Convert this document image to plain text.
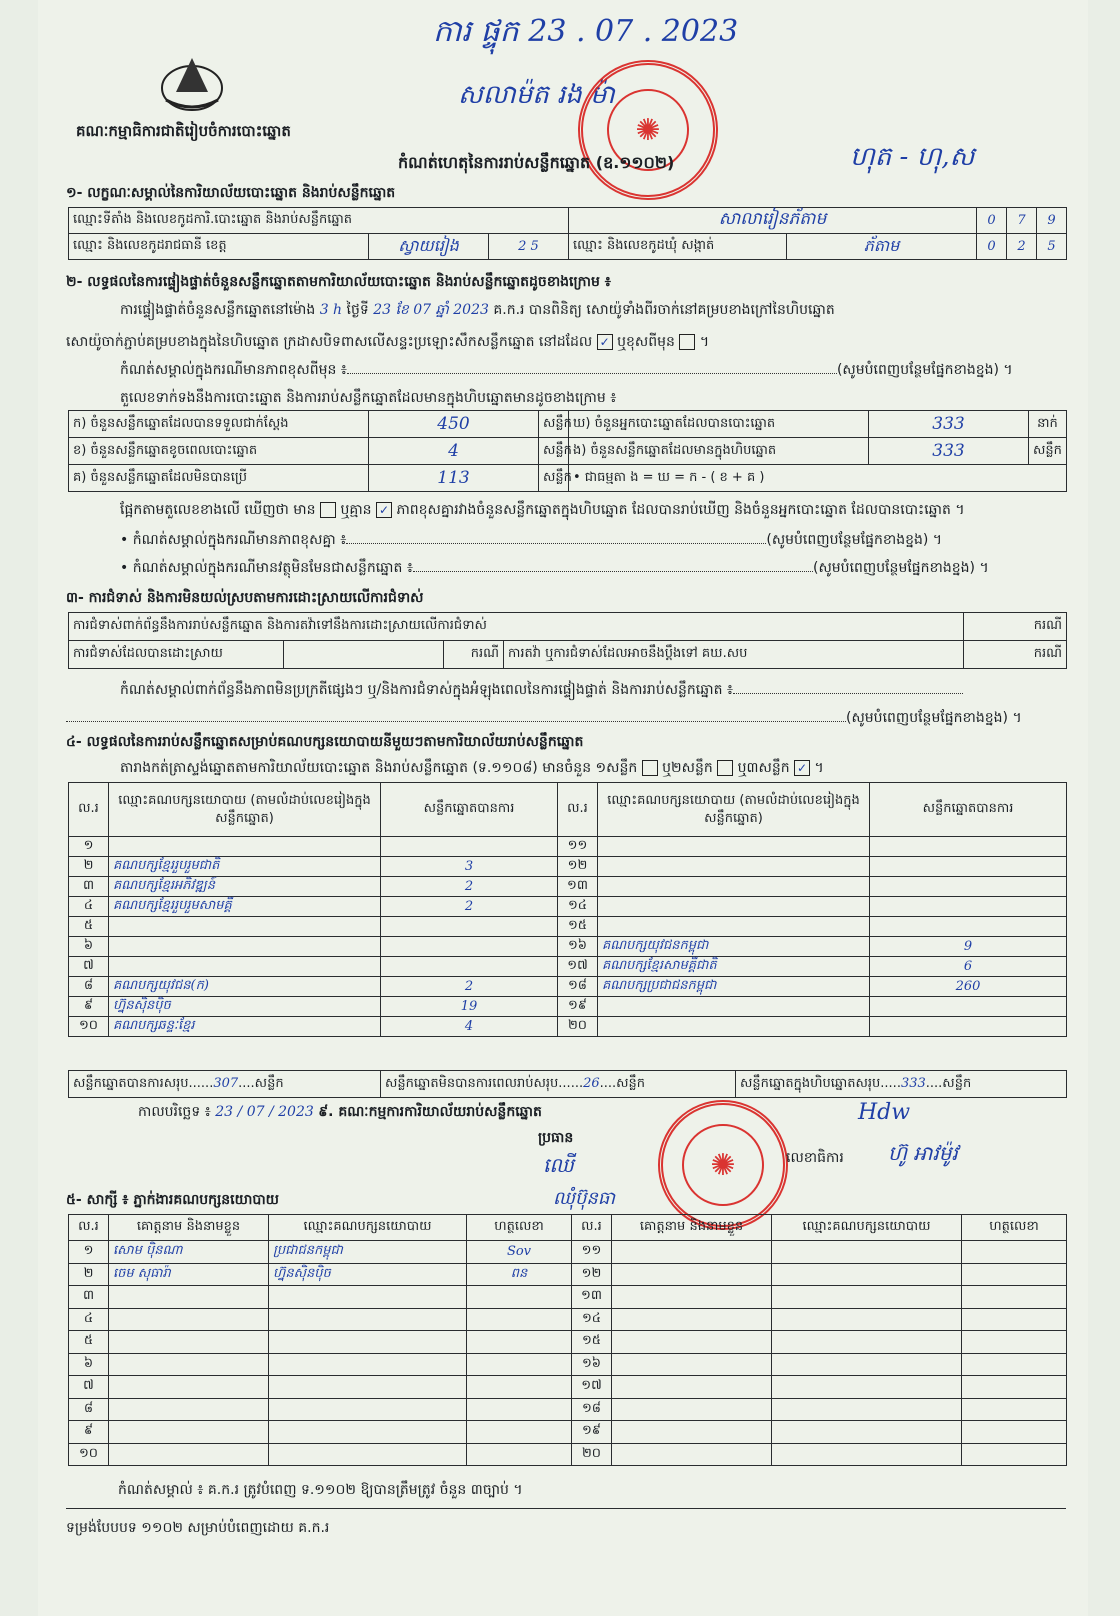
ការ ផ្ទុក 23 . 07 . 2023
សលាម៉ត រង ម៉ា
ហុត - ហុ,ស
គណៈកម្មាធិការជាតិរៀបចំការបោះឆ្នោត	✺
កំណត់ហេតុនៃការរាប់សន្លឹកឆ្នោត (ឧ.១១០២)
១- លក្ខណៈសម្គាល់នៃការិយាល័យបោះឆ្នោត និងរាប់សន្លឹកឆ្នោត
ឈ្មោះទីតាំង និងលេខកូដការិ.បោះឆ្នោត និងរាប់សន្លឹកឆ្នោត			សាលារៀនភ័តាម		0	7	9
ឈ្មោះ និងលេខកូដរាជធានី ខេត្ត	ស្វាយរៀង	2 5	ឈ្មោះ និងលេខកូដឃុំ សង្កាត់	ភ័តាម	0	2	5
២- លទ្ធផលនៃការផ្ទៀងផ្ទាត់ចំនួនសន្លឹកឆ្នោតតាមការិយាល័យបោះឆ្នោត និងរាប់សន្លឹកឆ្នោតដូចខាងក្រោម ៖
ការផ្ទៀងផ្ទាត់ចំនួនសន្លឹកឆ្នោតនៅម៉ោង 3 h ថ្ងៃទី 23 ខែ 07 ឆ្នាំ 2023 គ.ក.រ បានពិនិត្យ សោយ៉ូទាំងពីរចាក់នៅគម្របខាងក្រៅនៃហិបឆ្នោត
សោយ៉ូចាក់ភ្ជាប់គម្របខាងក្នុងនៃហិបឆ្នោត ក្រដាសបិទពាសលើសន្ទះប្រឡោះសឹកសន្លឹកឆ្នោត នៅដដែល ✓ ឬខុសពីមុន  ។
កំណត់សម្គាល់ក្នុងករណីមានភាពខុសពីមុន ៖	(សូមបំពេញបន្ថែមផ្នែកខាងខ្នង) ។
តួលេខទាក់ទងនឹងការបោះឆ្នោត និងការរាប់សន្លឹកឆ្នោតដែលមានក្នុងហិបឆ្នោតមានដូចខាងក្រោម ៖
ក) ចំនួនសន្លឹកឆ្នោតដែលបានទទួលជាក់ស្តែង	450	សន្លឹក	ឃ) ចំនួនអ្នកបោះឆ្នោតដែលបានបោះឆ្នោត	333	នាក់
ខ) ចំនួនសន្លឹកឆ្នោតខូចពេលបោះឆ្នោត	4	សន្លឹក	ង) ចំនួនសន្លឹកឆ្នោតដែលមានក្នុងហិបឆ្នោត	333	សន្លឹក
គ) ចំនួនសន្លឹកឆ្នោតដែលមិនបានប្រើ	113	សន្លឹក	• ជាធម្មតា ង = ឃ = ក - ( ខ + គ )		
ផ្អែកតាមតួលេខខាងលើ ឃើញថា មាន ឬគ្មាន ✓ ភាពខុសគ្នារវាងចំនួនសន្លឹកឆ្នោតក្នុងហិបឆ្នោត ដែលបានរាប់ឃើញ និងចំនួនអ្នកបោះឆ្នោត ដែលបានបោះឆ្នោត ។
• កំណត់សម្គាល់ក្នុងករណីមានភាពខុសគ្នា ៖	(សូមបំពេញបន្ថែមផ្នែកខាងខ្នង) ។
• កំណត់សម្គាល់ក្នុងករណីមានវត្ថុមិនមែនជាសន្លឹកឆ្នោត ៖	(សូមបំពេញបន្ថែមផ្នែកខាងខ្នង) ។
៣- ការជំទាស់ និងការមិនយល់ស្របតាមការដោះស្រាយលើការជំទាស់
ការជំទាស់ពាក់ព័ន្ធនឹងការរាប់សន្លឹកឆ្នោត និងការតវ៉ាទៅនឹងការដោះស្រាយលើការជំទាស់				ករណី
ការជំទាស់ដែលបានដោះស្រាយ		ករណី	ការតវ៉ា ឬការជំទាស់ដែលអាចនឹងប្ដឹងទៅ គឃ.សប	ករណី
កំណត់សម្គាល់ពាក់ព័ន្ធនឹងភាពមិនប្រក្រតីផ្សេងៗ ឬ/និងការជំទាស់ក្នុងអំឡុងពេលនៃការផ្ទៀងផ្ទាត់ និងការរាប់សន្លឹកឆ្នោត ៖
(សូមបំពេញបន្ថែមផ្នែកខាងខ្នង) ។
៤- លទ្ធផលនៃការរាប់សន្លឹកឆ្នោតសម្រាប់គណបក្សនយោបាយនីមួយៗតាមការិយាល័យរាប់សន្លឹកឆ្នោត
តារាងកត់ត្រាស្ទង់ឆ្នោតតាមការិយាល័យបោះឆ្នោត និងរាប់សន្លឹកឆ្នោត (ទ.១១០៨) មានចំនួន ១សន្លឹក ឬ២សន្លឹក ឬ៣សន្លឹក ✓ ។
ល.រ	ឈ្មោះគណបក្សនយោបាយ (តាមលំដាប់លេខរៀងក្នុងសន្លឹកឆ្នោត)	សន្លឹកឆ្នោតបានការ	ល.រ	ឈ្មោះគណបក្សនយោបាយ (តាមលំដាប់លេខរៀងក្នុងសន្លឹកឆ្នោត)	សន្លឹកឆ្នោតបានការ
១			១១		
២	គណបក្សខ្មែររួបរួមជាតិ	3	១២		
៣	គណបក្សខ្មែរអភិវឌ្ឍន៍	2	១៣		
៤	គណបក្សខ្មែររួបរួមសាមគ្គី	2	១៤		
៥			១៥		
៦			១៦	គណបក្សយុវជនកម្ពុជា	9
៧			១៧	គណបក្សខ្មែរសាមគ្គីជាតិ	6
៨	គណបក្សយុវជន(ក)	2	១៨	គណបក្សប្រជាជនកម្ពុជា	260
៩	ហ្វ៊ុនស៊ិនប៉ិច	19	១៩		
១០	គណបក្សឆន្ទៈខ្មែរ	4	២០		
សន្លឹកឆ្នោតបានការសរុប......307....សន្លឹក	សន្លឹកឆ្នោតមិនបានការពេលរាប់សរុប......26....សន្លឹក	សន្លឹកឆ្នោតក្នុងហិបឆ្នោតសរុប.....333....សន្លឹក
កាលបរិច្ឆេទ ៖ 23 / 07 / 2023 ៩. គណៈកម្មការការិយាល័យរាប់សន្លឹកឆ្នោត
ប្រធាន
ឈើ
ឈុំប៊ុនធា
✺	លេខាធិការ
Hdw
ហ៊ូ អាវម៉ូវ
៥- សាក្សី ៖ ភ្នាក់ងារគណបក្សនយោបាយ
ល.រ	គោត្តនាម និងនាមខ្លួន	ឈ្មោះគណបក្សនយោបាយ	ហត្ថលេខា	ល.រ	គោត្តនាម និងនាមខ្លួន	ឈ្មោះគណបក្សនយោបាយ	ហត្ថលេខា
១	សោម ប៉ិនណា	ប្រជាជនកម្ពុជា	Sov	១១			
២	ចេម សុធារ៉ា	ហ្វ៊ុនស៊ិនប៉ិច	ពន	១២			
៣				១៣			
៤				១៤			
៥				១៥			
៦				១៦			
៧				១៧			
៨				១៨			
៩				១៩			
១០				២០			
កំណត់សម្គាល់ ៖ គ.ក.រ ត្រូវបំពេញ ទ.១១០២ ឱ្យបានត្រឹមត្រូវ ចំនួន ៣ច្បាប់ ។
ទម្រង់បែបបទ ១១០២ សម្រាប់បំពេញដោយ គ.ក.រ
